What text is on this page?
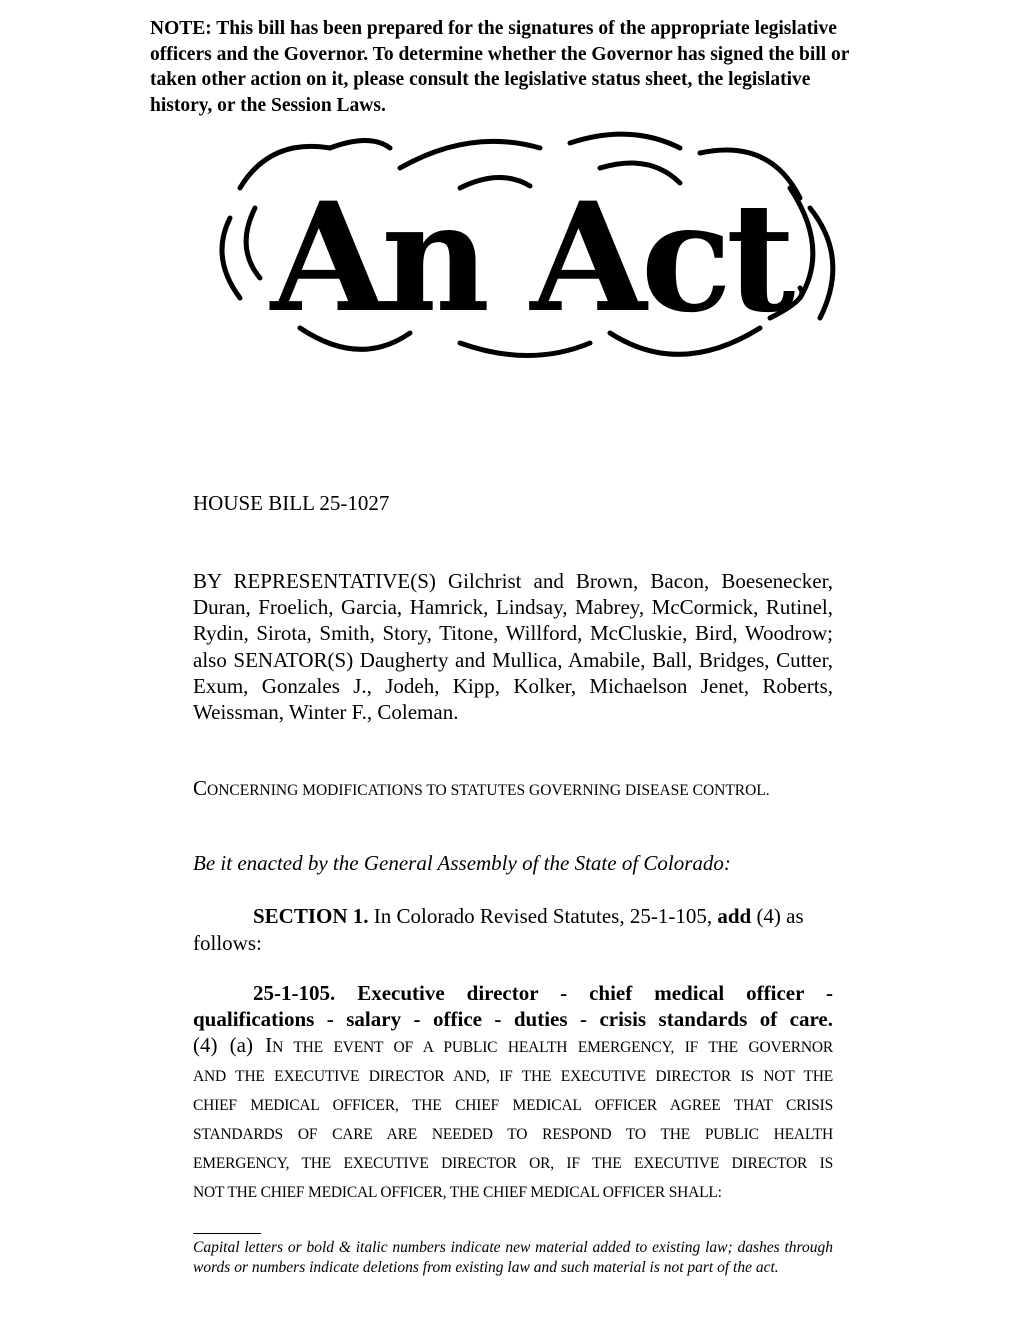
NOTE: This bill has been prepared for the signatures of the appropriate legislative officers and the Governor. To determine whether the Governor has signed the bill or taken other action on it, please consult the legislative status sheet, the legislative history, or the Session Laws.
An Act
HOUSE BILL 25-1027
BY REPRESENTATIVE(S) Gilchrist and Brown, Bacon, Boesenecker,
Duran, Froelich, Garcia, Hamrick, Lindsay, Mabrey, McCormick, Rutinel,
Rydin, Sirota, Smith, Story, Titone, Willford, McCluskie, Bird, Woodrow;
also SENATOR(S) Daugherty and Mullica, Amabile, Ball, Bridges, Cutter,
Exum, Gonzales J., Jodeh, Kipp, Kolker, Michaelson Jenet, Roberts,
Weissman, Winter F., Coleman.
CONCERNING MODIFICATIONS TO STATUTES GOVERNING DISEASE CONTROL.
Be it enacted by the General Assembly of the State of Colorado:
SECTION 1. In Colorado Revised Statutes, 25-1-105, add (4) as
follows:
25-1-105. Executive director - chief medical officer -
qualifications - salary - office - duties - crisis standards of care.
(4) (a) IN THE EVENT OF A PUBLIC HEALTH EMERGENCY, IF THE GOVERNOR
AND THE EXECUTIVE DIRECTOR AND, IF THE EXECUTIVE DIRECTOR IS NOT THE
CHIEF MEDICAL OFFICER, THE CHIEF MEDICAL OFFICER AGREE THAT CRISIS
STANDARDS OF CARE ARE NEEDED TO RESPOND TO THE PUBLIC HEALTH
EMERGENCY, THE EXECUTIVE DIRECTOR OR, IF THE EXECUTIVE DIRECTOR IS
NOT THE CHIEF MEDICAL OFFICER, THE CHIEF MEDICAL OFFICER SHALL:
Capital letters or bold & italic numbers indicate new material added to existing law; dashes through words or numbers indicate deletions from existing law and such material is not part of the act.
